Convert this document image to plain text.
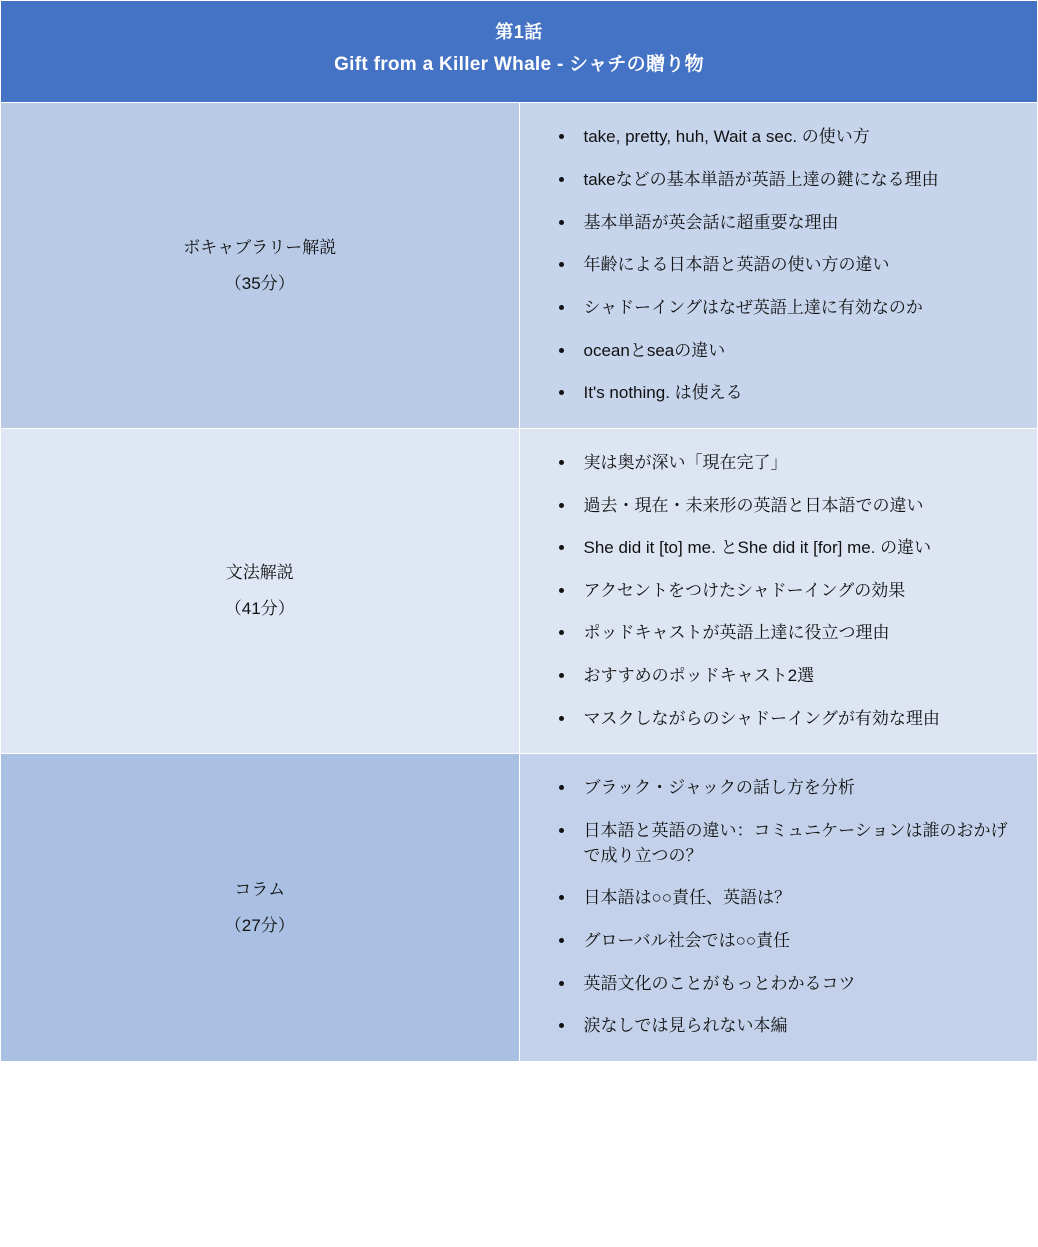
第1話
Gift from a Killer Whale - シャチの贈り物	

ボキャブラリー解説
（35分）

• take, pretty, huh, Wait a sec. の使い方
• takeなどの基本単語が英語上達の鍵になる理由
• 基本単語が英会話に超重要な理由
• 年齢による日本語と英語の使い方の違い
• シャドーイングはなぜ英語上達に有効なのか
• oceanとseaの違い
• It's nothing. は使える

文法解説
（41分）

• 実は奥が深い「現在完了」
• 過去・現在・未来形の英語と日本語での違い
• She did it [to] me. とShe did it [for] me. の違い
• アクセントをつけたシャドーイングの効果
• ポッドキャストが英語上達に役立つ理由
• おすすめのポッドキャスト2選
• マスクしながらのシャドーイングが有効な理由

コラム
（27分）

• ブラック・ジャックの話し方を分析
• 日本語と英語の違い：コミュニケーションは誰のおかげで成り立つの？
• 日本語は○○責任、英語は？
• グローバル社会では○○責任
• 英語文化のことがもっとわかるコツ
• 涙なしでは見られない本編
